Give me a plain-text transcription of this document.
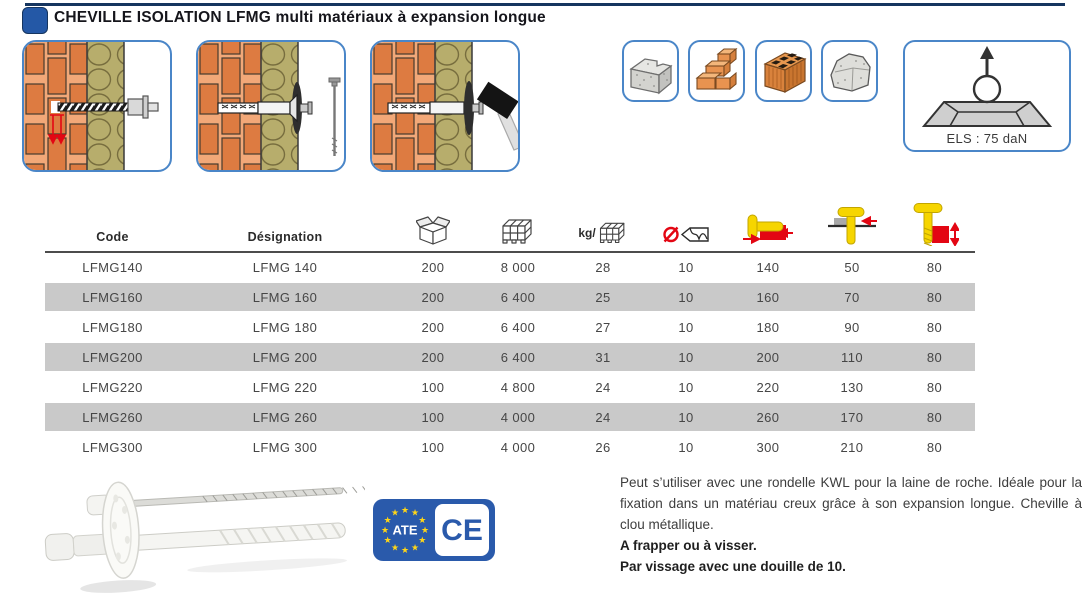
CHEVILLE ISOLATION LFMG multi matériaux à expansion longue
ELS : 75 daN
Code	Désignation			kg/				
LFMG140	LFMG 140	200	8 000	28	10	140	50	80
LFMG160	LFMG 160	200	6 400	25	10	160	70	80
LFMG180	LFMG 180	200	6 400	27	10	180	90	80
LFMG200	LFMG 200	200	6 400	31	10	200	110	80
LFMG220	LFMG 220	100	4 800	24	10	220	130	80
LFMG260	LFMG 260	100	4 000	24	10	260	170	80
LFMG300	LFMG 300	100	4 000	26	10	300	210	80
★ ★
★
★
★
★
★
★
★
★
★
★
ATE CE

Peut s’utiliser avec une rondelle KWL pour la laine de roche. Idéale pour la fixation dans un matériau creux grâce à son expansion longue. Cheville à clou métallique.

A frapper ou à visser.

Par vissage avec une douille de 10.
